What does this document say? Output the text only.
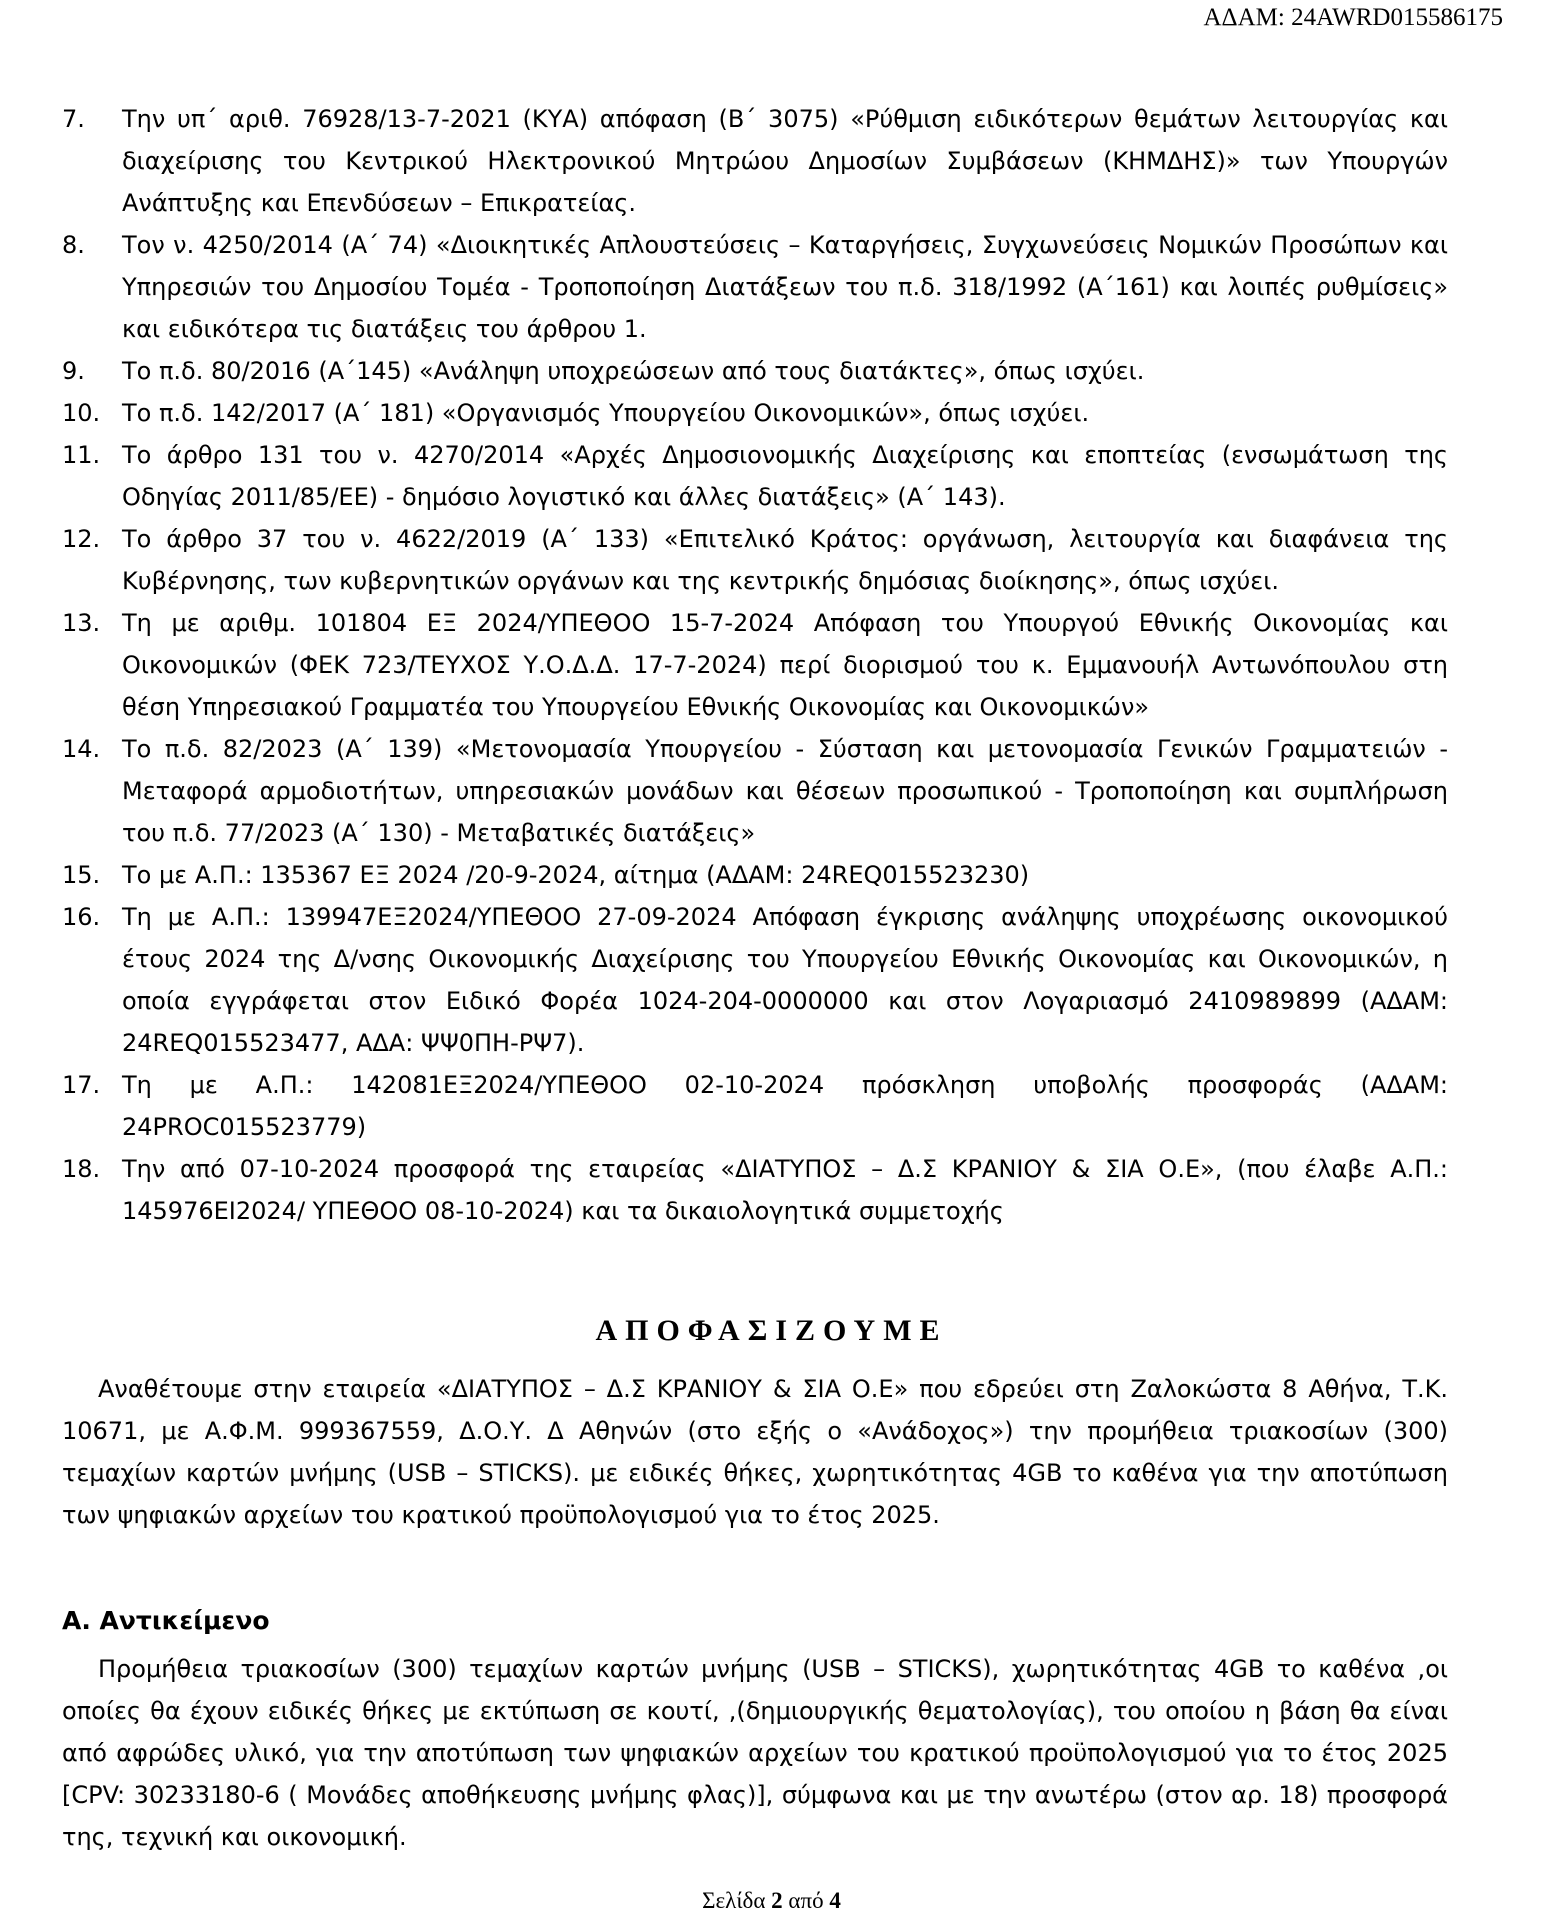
ΑΔΑΜ: 24AWRD015586175
7.	Την υπ΄ αριθ. 76928/13-7-2021 (ΚΥΑ) απόφαση (Β΄ 3075) «Ρύθμιση ειδικότερων θεμάτων λειτουργίας και διαχείρισης του Κεντρικού Ηλεκτρονικού Μητρώου Δημοσίων Συμβάσεων (ΚΗΜΔΗΣ)» των Υπουργών Ανάπτυξης και Επενδύσεων – Επικρατείας.
8.	Τον ν. 4250/2014 (Α΄ 74) «Διοικητικές Απλουστεύσεις – Καταργήσεις, Συγχωνεύσεις Νομικών Προσώπων και Υπηρεσιών του Δημοσίου Τομέα - Τροποποίηση Διατάξεων του π.δ. 318/1992 (Α΄161) και λοιπές ρυθμίσεις» και ειδικότερα τις διατάξεις του άρθρου 1.
9.	Το π.δ. 80/2016 (Α΄145) «Ανάληψη υποχρεώσεων από τους διατάκτες», όπως ισχύει.
10. Το π.δ. 142/2017 (Α΄ 181) «Οργανισμός Υπουργείου Οικονομικών», όπως ισχύει.
11. Το άρθρο 131 του ν. 4270/2014 «Αρχές Δημοσιονομικής Διαχείρισης και εποπτείας (ενσωμάτωση της Οδηγίας 2011/85/ΕΕ) - δημόσιο λογιστικό και άλλες διατάξεις» (Α΄ 143).
12. Το άρθρο 37 του ν. 4622/2019 (Α΄ 133) «Επιτελικό Κράτος: οργάνωση, λειτουργία και διαφάνεια της Κυβέρνησης, των κυβερνητικών οργάνων και της κεντρικής δημόσιας διοίκησης», όπως ισχύει.
13. Τη με αριθμ. 101804 ΕΞ 2024/ΥΠΕΘΟΟ 15-7-2024 Απόφαση του Υπουργού Εθνικής Οικονομίας και Οικονομικών (ΦΕΚ 723/ΤΕΥΧΟΣ Υ.Ο.Δ.Δ. 17-7-2024) περί διορισμού του κ. Εμμανουήλ Αντωνόπουλου στη θέση Υπηρεσιακού Γραμματέα του Υπουργείου Εθνικής Οικονομίας και Οικονομικών»
14. Το π.δ. 82/2023 (Α΄ 139) «Μετονομασία Υπουργείου - Σύσταση και μετονομασία Γενικών Γραμματειών - Μεταφορά αρμοδιοτήτων, υπηρεσιακών μονάδων και θέσεων προσωπικού - Τροποποίηση και συμπλήρωση του π.δ. 77/2023 (Α΄ 130) - Μεταβατικές διατάξεις»
15. Το με Α.Π.: 135367 ΕΞ 2024 /20-9-2024, αίτημα (ΑΔΑΜ: 24REQ015523230)
16. Τη με Α.Π.: 139947ΕΞ2024/ΥΠΕΘΟΟ 27-09-2024 Απόφαση έγκρισης ανάληψης υποχρέωσης οικονομικού έτους 2024 της Δ/νσης Οικονομικής Διαχείρισης του Υπουργείου Εθνικής Οικονομίας και Οικονομικών, η οποία εγγράφεται στον Ειδικό Φορέα 1024-204-0000000 και στον Λογαριασμό 2410989899 (ΑΔΑΜ: 24REQ015523477, ΑΔΑ: ΨΨ0ΠΗ-ΡΨ7).
17. Τη με Α.Π.: 142081ΕΞ2024/ΥΠΕΘΟΟ 02-10-2024 πρόσκληση υποβολής προσφοράς (ΑΔΑΜ: 24PROC015523779)
18. Την από 07-10-2024 προσφορά της εταιρείας «ΔΙΑΤΥΠΟΣ – Δ.Σ ΚΡΑΝΙΟΥ & ΣΙΑ Ο.Ε», (που έλαβε Α.Π.: 145976ΕΙ2024/ ΥΠΕΘΟΟ 08-10-2024) και τα δικαιολογητικά συμμετοχής
ΑΠΟΦΑΣΙΖΟΥΜΕ
Αναθέτουμε στην εταιρεία «ΔΙΑΤΥΠΟΣ – Δ.Σ ΚΡΑΝΙΟΥ & ΣΙΑ Ο.Ε» που εδρεύει στη Ζαλοκώστα 8 Αθήνα, Τ.Κ. 10671, με Α.Φ.Μ. 999367559, Δ.Ο.Υ. Δ Αθηνών (στο εξής ο «Ανάδοχος») την προμήθεια τριακοσίων (300) τεμαχίων καρτών μνήμης (USB – STICKS). με ειδικές θήκες, χωρητικότητας 4GB το καθένα για την αποτύπωση των ψηφιακών αρχείων του κρατικού προϋπολογισμού για το έτος 2025.
Α. Αντικείμενο
Προμήθεια τριακοσίων (300) τεμαχίων καρτών μνήμης (USB – STICKS), χωρητικότητας 4GB το καθένα ,οι οποίες θα έχουν ειδικές θήκες με εκτύπωση σε κουτί, ,(δημιουργικής θεματολογίας), του οποίου η βάση θα είναι από αφρώδες υλικό, για την αποτύπωση των ψηφιακών αρχείων του κρατικού προϋπολογισμού για το έτος 2025 [CPV: 30233180-6 ( Μονάδες αποθήκευσης μνήμης φλας)], σύμφωνα και με την ανωτέρω (στον αρ. 18) προσφορά της, τεχνική και οικονομική.
Σελίδα 2 από 4
